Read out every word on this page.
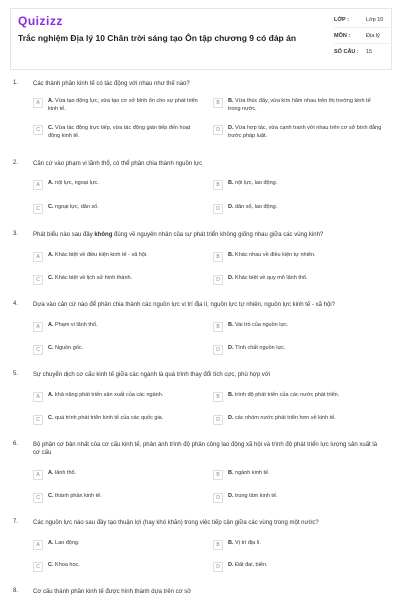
Quizizz
Trắc nghiệm Địa lý 10 Chân trời sáng tạo Ôn tập chương 9 có đáp án
LỚP :	Lớp 10
MÔN :	Địa lý
SỐ CÂU :	15
1. Các thành phần kinh tế có tác động với nhau như thế nào?
A	A. Vừa tạo động lực, vừa tạo cơ sở bình ổn cho sự phát triển kinh tế.
B	B. Vừa thúc đẩy, vừa kìm hãm nhau trên thị trường kinh tế trong nước.
C	C. Vừa tác động trực tiếp, vừa tác động gián tiếp đến hoạt động kinh tế.
D	D. Vừa hợp tác, vừa cạnh tranh với nhau trên cơ sở bình đẳng trước pháp luật.
2. Căn cứ vào phạm vi lãnh thổ, có thể phân chia thành nguồn lực
A	A. nội lực, ngoại lực.	B	B. nội lực, lao động.
C	C. ngoại lực, dân số.	D	D. dân số, lao động.
3. Phát biểu nào sau đây không đúng về nguyên nhân của sự phát triển không giống nhau giữa các vùng kinh?
A	A. Khác biệt về điều kiện kinh tế - xã hội.	B	B. Khác nhau về điều kiện tự nhiên.
C	C. Khác biệt về lịch sử hình thành.	D	D. Khác biệt về quy mô lãnh thổ.
4. Dựa vào căn cứ nào để phân chia thành các nguồn lực vị trí địa lí, nguồn lực tự nhiên, nguồn lực kinh tế - xã hội?
A	A. Phạm vi lãnh thổ.	B	B. Vai trò của nguồn lực.
C	C. Nguồn gốc.	D	D. Tính chất nguồn lực.
5. Sự chuyển dịch cơ cấu kinh tế giữa các ngành là quá trình thay đổi tích cực, phù hợp với
A	A. khả năng phát triển sản xuất của các ngành.	B	B. trình độ phát triển của các nước phát triển.
C	C. quá trình phát triển kinh tế của các quốc gia.	D	D. các nhóm nước phát triển hơn về kinh tế.
6. Bộ phận cơ bản nhất của cơ cấu kinh tế, phản ánh trình độ phân công lao động xã hội và trình độ phát triển lực lượng sản xuất là cơ cấu
A	A. lãnh thổ.	B	B. ngành kinh tế.
C	C. thành phần kinh tế.	D	D. trung tâm kinh tế.
7. Các nguồn lực nào sau đây tạo thuận lợi (hay khó khăn) trong việc tiếp cận giữa các vùng trong một nước?
A	A. Lao động.	B	B. Vị trí địa lí.
C	C. Khoa học.	D	D. Đất đai, biển.
8. Cơ cấu thành phần kinh tế được hình thành dựa trên cơ sở
